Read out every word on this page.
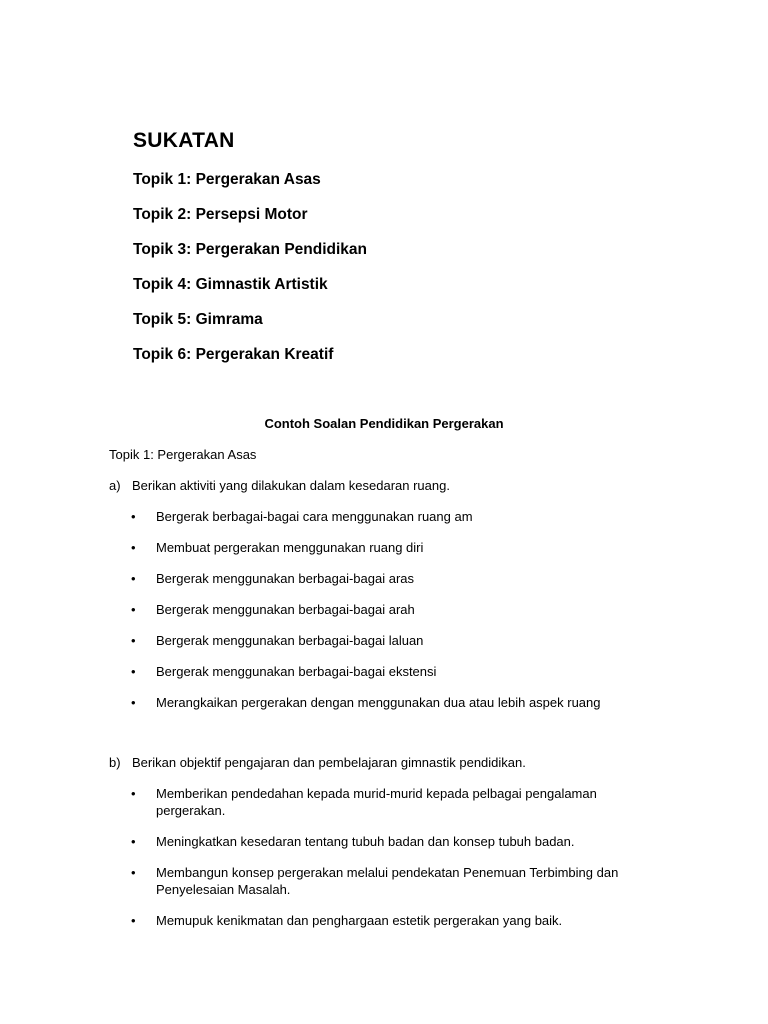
SUKATAN
Topik 1: Pergerakan Asas
Topik 2: Persepsi Motor
Topik 3: Pergerakan Pendidikan
Topik 4: Gimnastik Artistik
Topik 5: Gimrama
Topik 6: Pergerakan Kreatif
Contoh Soalan Pendidikan Pergerakan

Topik 1: Pergerakan Asas

a) Berikan aktiviti yang dilakukan dalam kesedaran ruang.

•	Bergerak berbagai-bagai cara menggunakan ruang am
•	Membuat pergerakan menggunakan ruang diri
•	Bergerak menggunakan berbagai-bagai aras
•	Bergerak menggunakan berbagai-bagai arah
•	Bergerak menggunakan berbagai-bagai laluan
•	Bergerak menggunakan berbagai-bagai ekstensi
•	Merangkaikan pergerakan dengan menggunakan dua atau lebih aspek ruang

b) Berikan objektif pengajaran dan pembelajaran gimnastik pendidikan.

•	Memberikan pendedahan kepada murid-murid kepada pelbagai pengalaman pergerakan.
•	Meningkatkan kesedaran tentang tubuh badan dan konsep tubuh badan.
•	Membangun konsep pergerakan melalui pendekatan Penemuan Terbimbing dan Penyelesaian Masalah.
•	Memupuk kenikmatan dan penghargaan estetik pergerakan yang baik.
